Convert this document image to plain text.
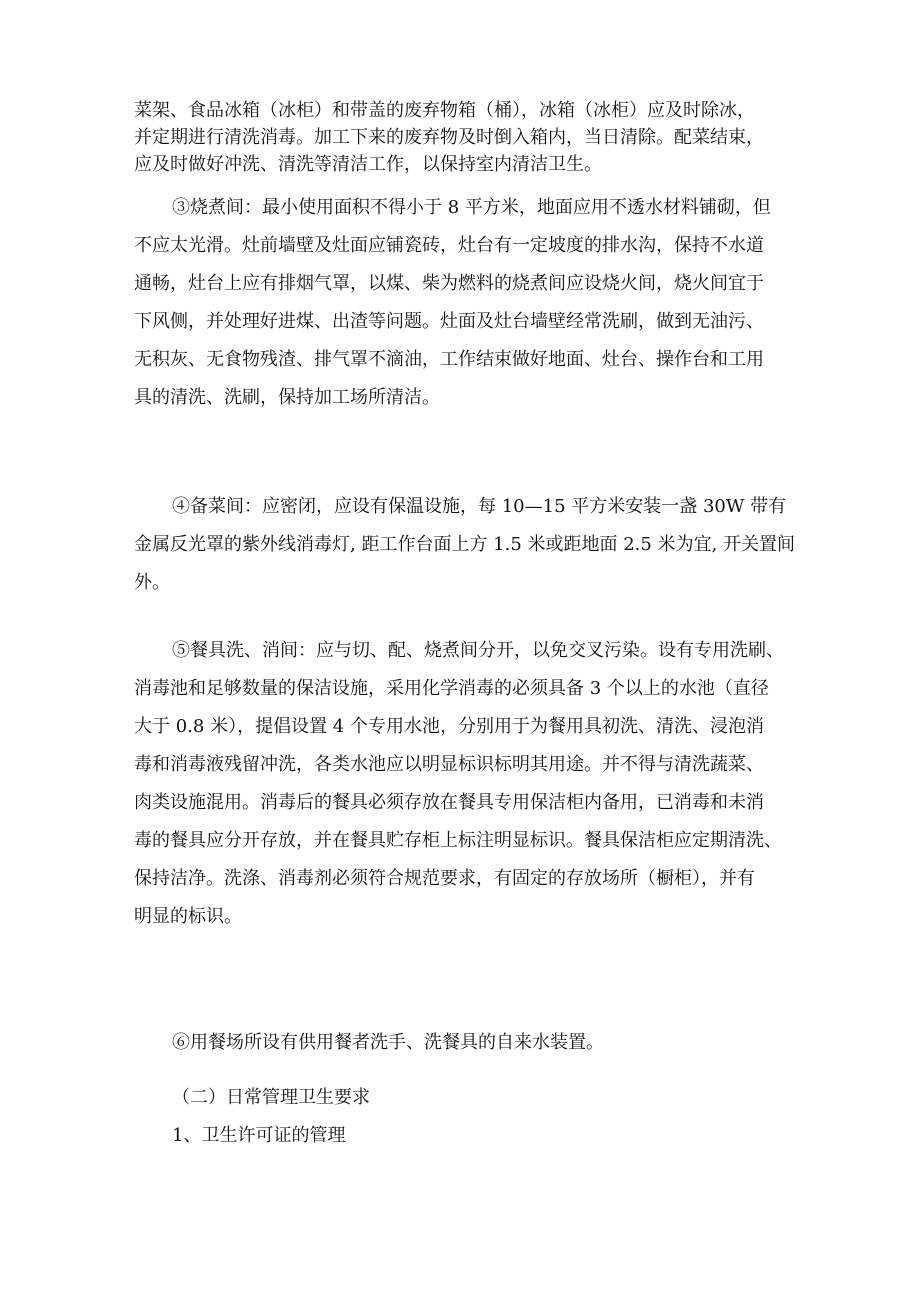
菜架、食品冰箱（冰柜）和带盖的废弃物箱（桶），冰箱（冰柜）应及时除冰，
并定期进行清洗消毒。加工下来的废弃物及时倒入箱内，当日清除。配菜结束，
应及时做好冲洗、清洗等清洁工作，以保持室内清洁卫生。
③烧煮间：最小使用面积不得小于 8 平方米，地面应用不透水材料铺砌，但
不应太光滑。灶前墙壁及灶面应铺瓷砖，灶台有一定坡度的排水沟，保持不水道
通畅，灶台上应有排烟气罩，以煤、柴为燃料的烧煮间应设烧火间，烧火间宜于
下风侧，并处理好进煤、出渣等问题。灶面及灶台墙壁经常洗刷，做到无油污、
无积灰、无食物残渣、排气罩不滴油，工作结束做好地面、灶台、操作台和工用
具的清洗、洗刷，保持加工场所清洁。
④备菜间：应密闭，应设有保温设施，每 10—15 平方米安装一盏 30W 带有
金属反光罩的紫外线消毒灯, 距工作台面上方 1.5 米或距地面 2.5 米为宜, 开关置间
外。
⑤餐具洗、消间：应与切、配、烧煮间分开，以免交叉污染。设有专用洗刷、
消毒池和足够数量的保洁设施，采用化学消毒的必须具备 3 个以上的水池（直径
大于 0.8 米），提倡设置 4 个专用水池，分别用于为餐用具初洗、清洗、浸泡消
毒和消毒液残留冲洗，各类水池应以明显标识标明其用途。并不得与清洗蔬菜、
肉类设施混用。消毒后的餐具必须存放在餐具专用保洁柜内备用，已消毒和未消
毒的餐具应分开存放，并在餐具贮存柜上标注明显标识。餐具保洁柜应定期清洗、
保持洁净。洗涤、消毒剂必须符合规范要求，有固定的存放场所（橱柜），并有
明显的标识。
⑥用餐场所设有供用餐者洗手、洗餐具的自来水装置。
（二）日常管理卫生要求
1、卫生许可证的管理
